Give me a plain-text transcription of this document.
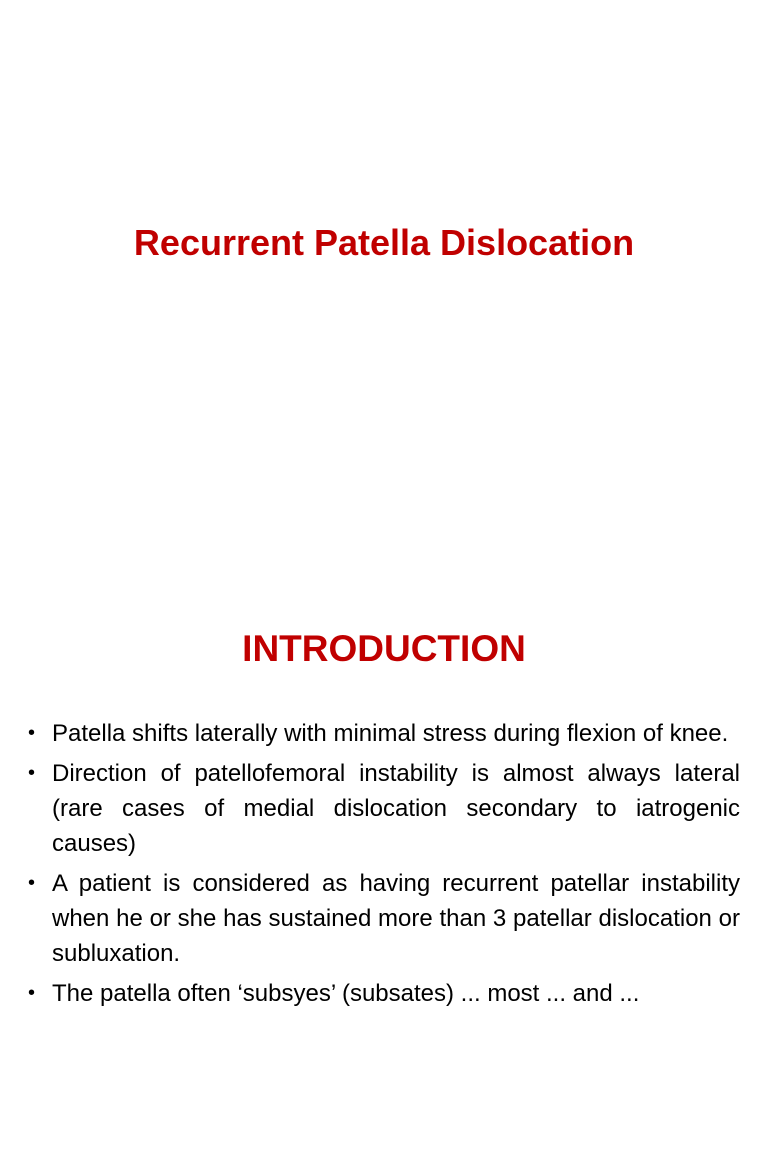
Recurrent Patella Dislocation
INTRODUCTION
• Patella shifts laterally with minimal stress during flexion of knee.
• Direction of patellofemoral instability is almost always lateral (rare cases of medial dislocation secondary to iatrogenic causes)
• A patient is considered as having recurrent patellar instability when he or she has sustained more than 3 patellar dislocation or subluxation.
• The patella often ‘subsyes’ (subsates) ... most ... and ...
